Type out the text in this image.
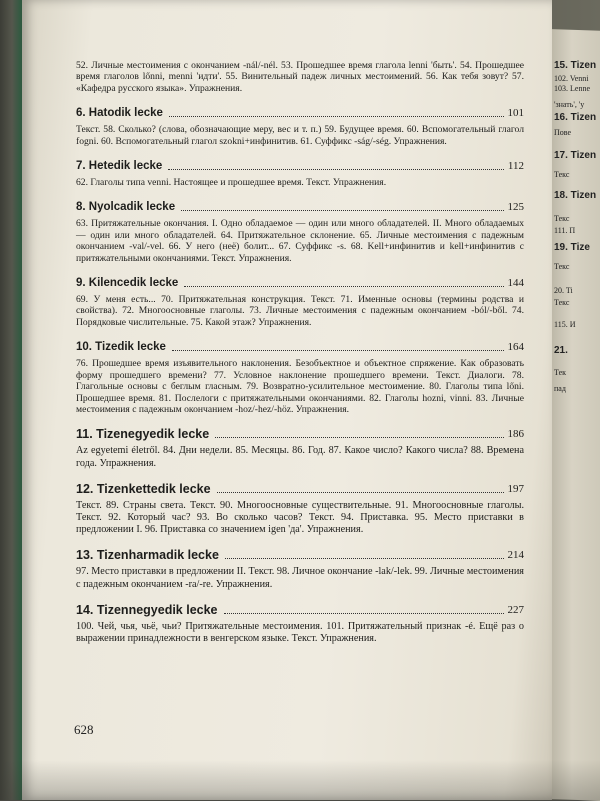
15. Tizen
102. Venni
103. Lenne
'знать', 'у
16. Tizen
Пове
17. Tizen
Текс
18. Tizen
Текс
111. П
19. Tize
Текс
20. Ti
Текс
115. И
21.
Тек
пад
52. Личные местоимения с окончанием -nál/-nél. 53. Прошедшее время глагола lenni 'быть'. 54. Прошедшее время глаголов lőnni, menni 'идти'. 55. Винительный падеж личных местоимений. 56. Как тебя зовут? 57. «Кафедра русского языка». Упражнения.
6. Hatodik lecke	101
Текст. 58. Сколько? (слова, обозначающие меру, вес и т. п.) 59. Будущее время. 60. Вспомогательный глагол fogni. 60. Вспомогательный глагол szokni+инфинитив. 61. Суффикс -ság/-ség. Упражнения.
7. Hetedik lecke	112
62. Глаголы типа venni. Настоящее и прошедшее время. Текст. Упражнения.
8. Nyolcadik lecke	125
63. Притяжательные окончания. I. Одно обладаемое — один или много обладателей. II. Много обладаемых — один или много обладателей. 64. Притяжательное склонение. 65. Личные местоимения с падежным окончанием -val/-vel. 66. У него (неё) болит... 67. Суффикс -s. 68. Kell+инфинитив и kell+инфинитив с притяжательными окончаниями. Текст. Упражнения.
9. Kilencedik lecke	144
69. У меня есть... 70. Притяжательная конструкция. Текст. 71. Именные основы (термины родства и свойства). 72. Многоосновные глаголы. 73. Личные местоимения с падежным окончанием -ból/-ből. 74. Порядковые числительные. 75. Какой этаж? Упражнения.
10. Tizedik lecke	164
76. Прошедшее время изъявительного наклонения. Безобъектное и объектное спряжение. Как образовать форму прошедшего времени? 77. Условное наклонение прошедшего времени. Текст. Диалоги. 78. Глагольные основы с беглым гласным. 79. Возвратно-усилительное местоимение. 80. Глаголы типа lőni. Прошедшее время. 81. Послелоги с притяжательными окончаниями. 82. Глаголы hozni, vinni. 83. Личные местоимения с падежным окончанием -hoz/-hez/-höz. Упражнения.
11. Tizenegyedik lecke	186
Az egyetemi életről. 84. Дни недели. 85. Месяцы. 86. Год. 87. Какое число? Какого числа? 88. Времена года. Упражнения.
12. Tizenkettedik lecke	197
Текст. 89. Страны света. Текст. 90. Многоосновные существительные. 91. Многоосновные глаголы. Текст. 92. Который час? 93. Во сколько часов? Текст. 94. Приставка. 95. Место приставки в предложении I. 96. Приставка со значением igen 'да'. Упражнения.
13. Tizenharmadik lecke	214
97. Место приставки в предложении II. Текст. 98. Личное окончание -lak/-lek. 99. Личные местоимения с падежным окончанием -ra/-re. Упражнения.
14. Tizennegyedik lecke	227
100. Чей, чья, чьё, чьи? Притяжательные местоимения. 101. Притяжательный признак -é. Ещё раз о выражении принадлежности в венгерском языке. Текст. Упражнения.
628
